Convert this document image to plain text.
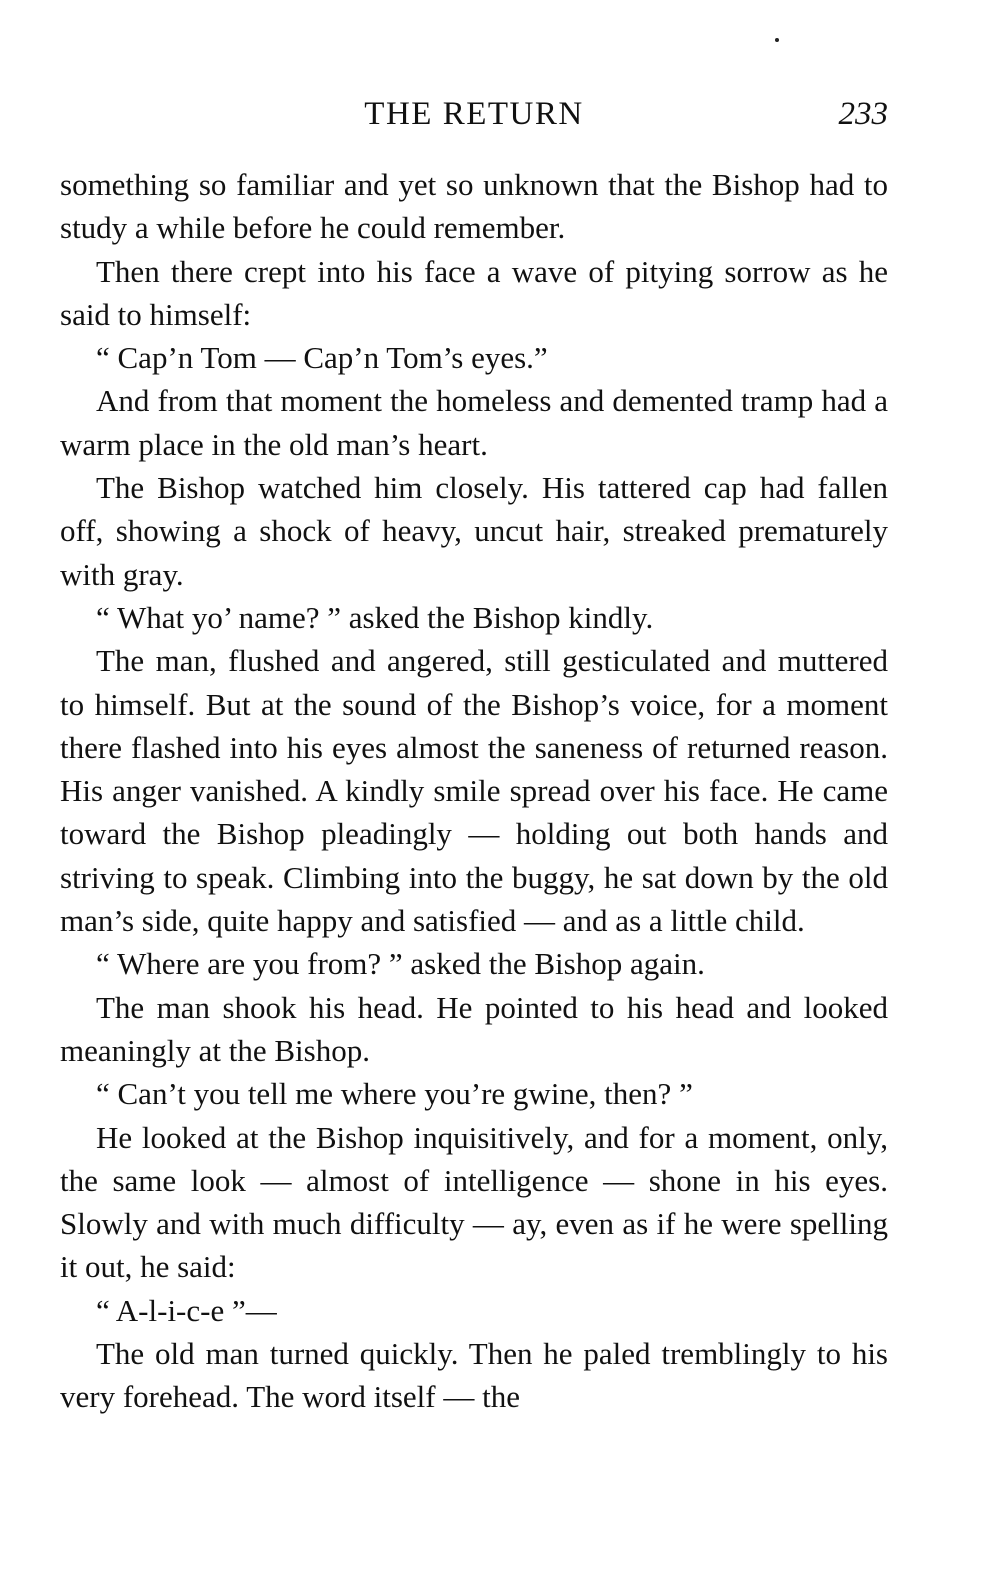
THE RETURN	233

something so familiar and yet so unknown that the Bishop had to study a while before he could remember.

Then there crept into his face a wave of pitying sorrow as he said to himself:

“ Cap’n Tom — Cap’n Tom’s eyes.”

And from that moment the homeless and demented tramp had a warm place in the old man’s heart.

The Bishop watched him closely. His tattered cap had fallen off, showing a shock of heavy, uncut hair, streaked prematurely with gray.

“ What yo’ name? ” asked the Bishop kindly.

The man, flushed and angered, still gesticulated and muttered to himself. But at the sound of the Bishop’s voice, for a moment there flashed into his eyes almost the saneness of returned reason. His anger vanished. A kindly smile spread over his face. He came toward the Bishop pleadingly — holding out both hands and striving to speak. Climbing into the buggy, he sat down by the old man’s side, quite happy and satisfied — and as a little child.

“ Where are you from? ” asked the Bishop again.

The man shook his head. He pointed to his head and looked meaningly at the Bishop.

“ Can’t you tell me where you’re gwine, then? ”

He looked at the Bishop inquisitively, and for a moment, only, the same look — almost of intelligence — shone in his eyes. Slowly and with much difficulty — ay, even as if he were spelling it out, he said:

“ A-l-i-c-e ”—

The old man turned quickly. Then he paled tremblingly to his very forehead. The word itself — the
